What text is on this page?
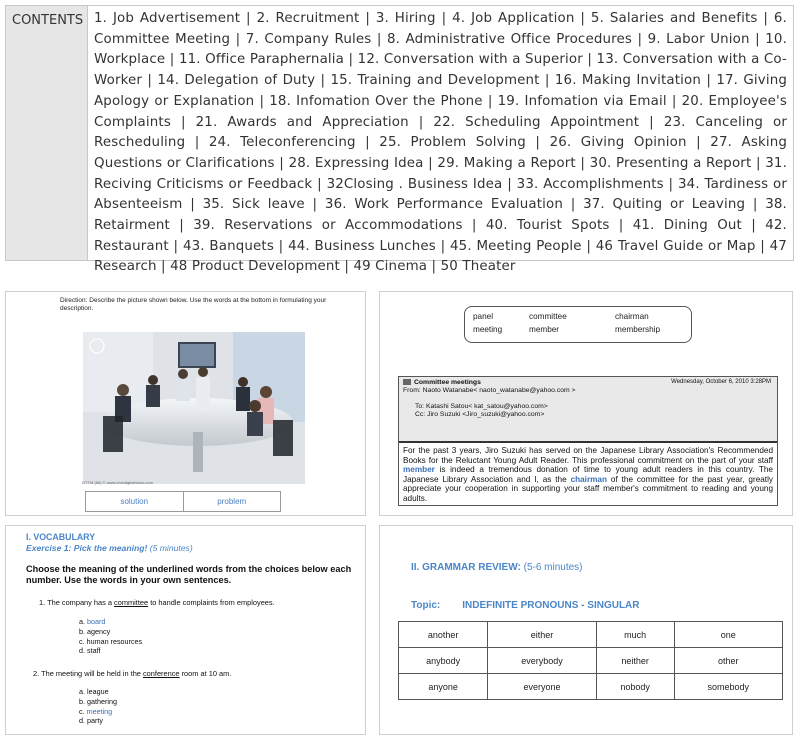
CONTENTS 1. Job Advertisement | 2. Recruitment | 3. Hiring | 4. Job Application | 5. Salaries and Benefits | 6. Committee Meeting | 7. Company Rules | 8. Administrative Office Procedures | 9. Labor Union | 10. Workplace | 11. Office Paraphernalia | 12. Conversation with a Superior | 13. Conversation with a Co-Worker | 14. Delegation of Duty | 15. Training and Development | 16. Making Invitation | 17. Giving Apology or Explanation | 18. Infomation Over the Phone | 19. Infomation via Email | 20. Employee's Complaints | 21. Awards and Appreciation | 22. Scheduling Appointment | 23. Canceling or Rescheduling | 24. Teleconferencing | 25. Problem Solving | 26. Giving Opinion | 27. Asking Questions or Clarifications | 28. Expressing Idea | 29. Making a Report | 30. Presenting a Report | 31. Reciving Criticisms or Feedback | 32Closing . Business Idea | 33. Accomplishments | 34. Tardiness or Absenteeism | 35. Sick leave | 36. Work Performance Evaluation | 37. Quiting or Leaving | 38. Retairment | 39. Reservations or Accommodations | 40. Tourist Spots | 41. Dining Out | 42. Restaurant | 43. Banquets | 44. Business Lunches | 45. Meeting People | 46 Travel Guide or Map | 47 Research | 48 Product Development | 49 Cinema | 50 Theater
Direction: Describe the picture shown below. Use the words at the bottom in formulating your description.
GTTM (66) © www.ohmdigitalmicro.com
solution	problem
panel	committee	chairman
meeting	member	membership
Committee meetings	Wednesday, October 6, 2010 3:28PM
From: Naoto Watanabe< naoto_watanabe@yahoo.com >
To: Katashi Satou< kat_satou@yahoo.com>
Cc: Jiro Suzuki <Jiro_suzuki@yahoo.com>
For the past 3 years, Jiro Suzuki has served on the Japanese Library Association's Recommended Books for the Reluctant Young Adult Reader. This professional commitment on the part of your staff member is indeed a tremendous donation of time to young adult readers in this country. The Japanese Library Association and I, as the chairman of the committee for the past year, greatly appreciate your cooperation in supporting your staff member's commitment to reading and young adults.
I. VOCABULARY
Exercise 1: Pick the meaning! (5 minutes)
Choose the meaning of the underlined words from the choices below each number. Use the words in your own sentences.
1. The company has a committee to handle complaints from employees.
a. board
b. agency
c. human resources
d. staff
2. The meeting will be held in the conference room at 10 am.
a. league
b. gathering
c. meeting
d. party
II. GRAMMAR REVIEW: (5-6 minutes)
Topic: INDEFINITE PRONOUNS - SINGULAR
another	either	much	one
anybody	everybody	neither	other
anyone	everyone	nobody	somebody
